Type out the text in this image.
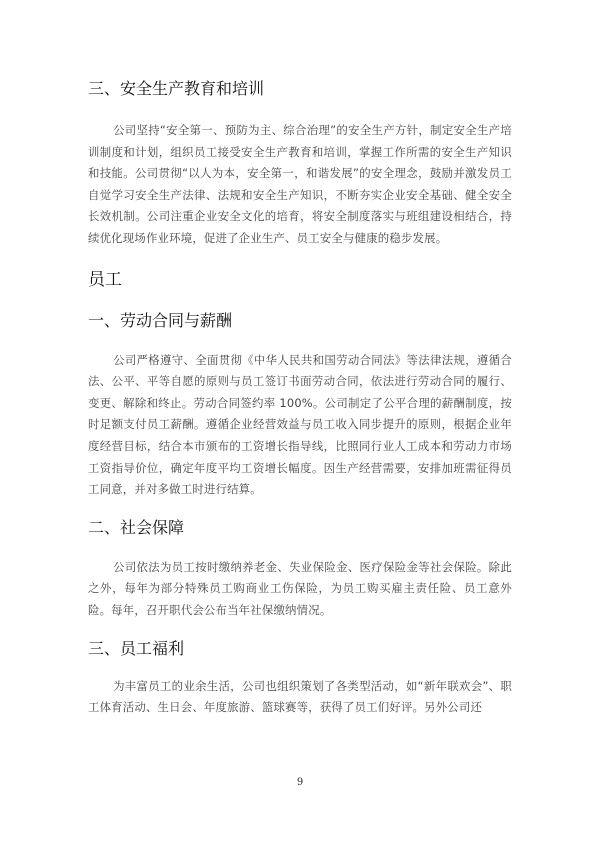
三、安全生产教育和培训

公司坚持“安全第一、预防为主、综合治理”的安全生产方针，制定安全生产培训制度和计划，组织员工接受安全生产教育和培训，掌握工作所需的安全生产知识和技能。公司贯彻“以人为本，安全第一，和谐发展”的安全理念，鼓励并激发员工自觉学习安全生产法律、法规和安全生产知识，不断夯实企业安全基础、健全安全长效机制。公司注重企业安全文化的培育，将安全制度落实与班组建设相结合，持续优化现场作业环境，促进了企业生产、员工安全与健康的稳步发展。

员工
一、劳动合同与薪酬

公司严格遵守、全面贯彻《中华人民共和国劳动合同法》等法律法规，遵循合法、公平、平等自愿的原则与员工签订书面劳动合同，依法进行劳动合同的履行、变更、解除和终止。劳动合同签约率 100%。公司制定了公平合理的薪酬制度，按时足额支付员工薪酬。遵循企业经营效益与员工收入同步提升的原则，根据企业年度经营目标，结合本市颁布的工资增长指导线，比照同行业人工成本和劳动力市场工资指导价位，确定年度平均工资增长幅度。因生产经营需要，安排加班需征得员工同意，并对多做工时进行结算。

二、社会保障

公司依法为员工按时缴纳养老金、失业保险金、医疗保险金等社会保险。除此之外，每年为部分特殊员工购商业工伤保险，为员工购买雇主责任险、员工意外险。每年，召开职代会公布当年社保缴纳情况。

三、员工福利

为丰富员工的业余生活，公司也组织策划了各类型活动，如“新年联欢会”、职工体育活动、生日会、年度旅游、篮球赛等，获得了员工们好评。另外公司还

9
